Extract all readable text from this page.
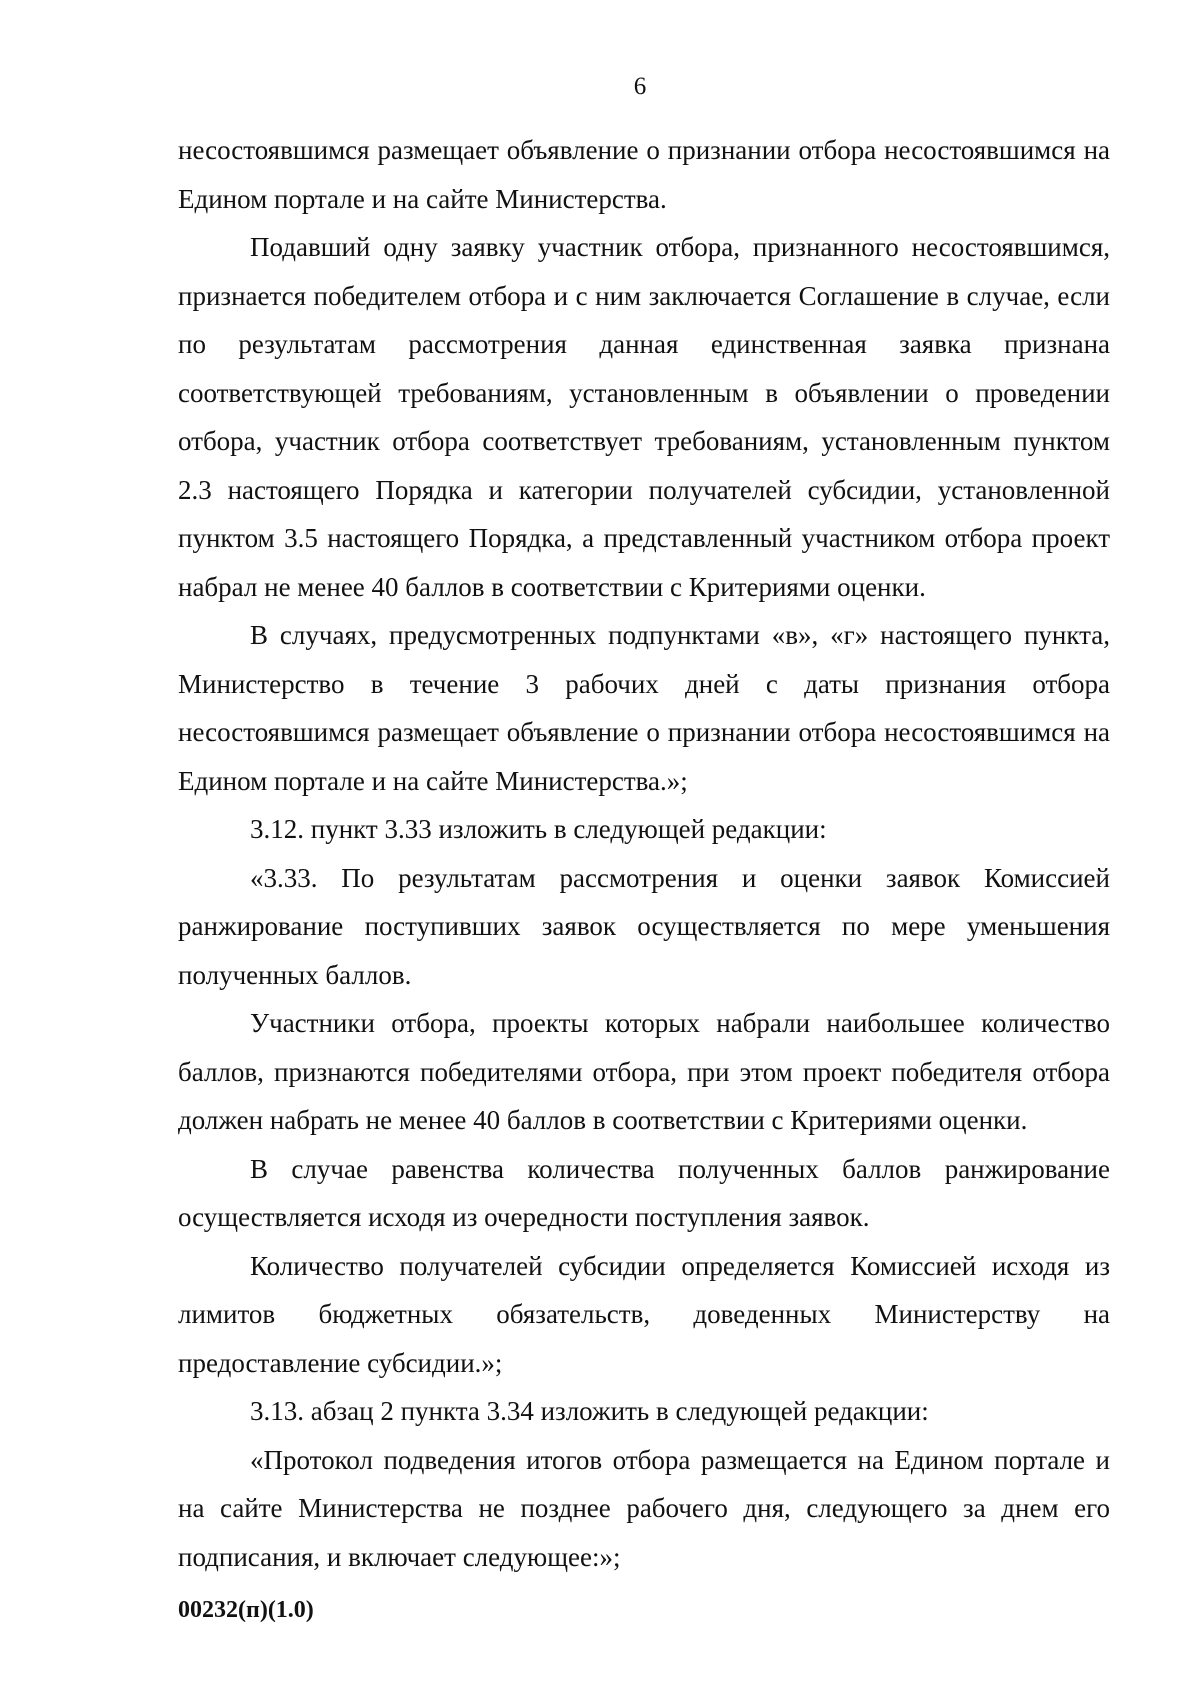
6

несостоявшимся размещает объявление о признании отбора несостоявшимся на Едином портале и на сайте Министерства.

Подавший одну заявку участник отбора, признанного несостоявшимся, признается победителем отбора и с ним заключается Соглашение в случае, если по результатам рассмотрения данная единственная заявка признана соответствующей требованиям, установленным в объявлении о проведении отбора, участник отбора соответствует требованиям, установленным пунктом 2.3 настоящего Порядка и категории получателей субсидии, установленной пунктом 3.5 настоящего Порядка, а представленный участником отбора проект набрал не менее 40 баллов в соответствии с Критериями оценки.

В случаях, предусмотренных подпунктами «в», «г» настоящего пункта, Министерство в течение 3 рабочих дней с даты признания отбора несостоявшимся размещает объявление о признании отбора несостоявшимся на Едином портале и на сайте Министерства.»;

3.12. пункт 3.33 изложить в следующей редакции:

«3.33. По результатам рассмотрения и оценки заявок Комиссией ранжирование поступивших заявок осуществляется по мере уменьшения полученных баллов.

Участники отбора, проекты которых набрали наибольшее количество баллов, признаются победителями отбора, при этом проект победителя отбора должен набрать не менее 40 баллов в соответствии с Критериями оценки.

В случае равенства количества полученных баллов ранжирование осуществляется исходя из очередности поступления заявок.

Количество получателей субсидии определяется Комиссией исходя из лимитов бюджетных обязательств, доведенных Министерству на предоставление субсидии.»;

3.13. абзац 2 пункта 3.34 изложить в следующей редакции:

«Протокол подведения итогов отбора размещается на Едином портале и на сайте Министерства не позднее рабочего дня, следующего за днем его подписания, и включает следующее:»;

00232(п)(1.0)
